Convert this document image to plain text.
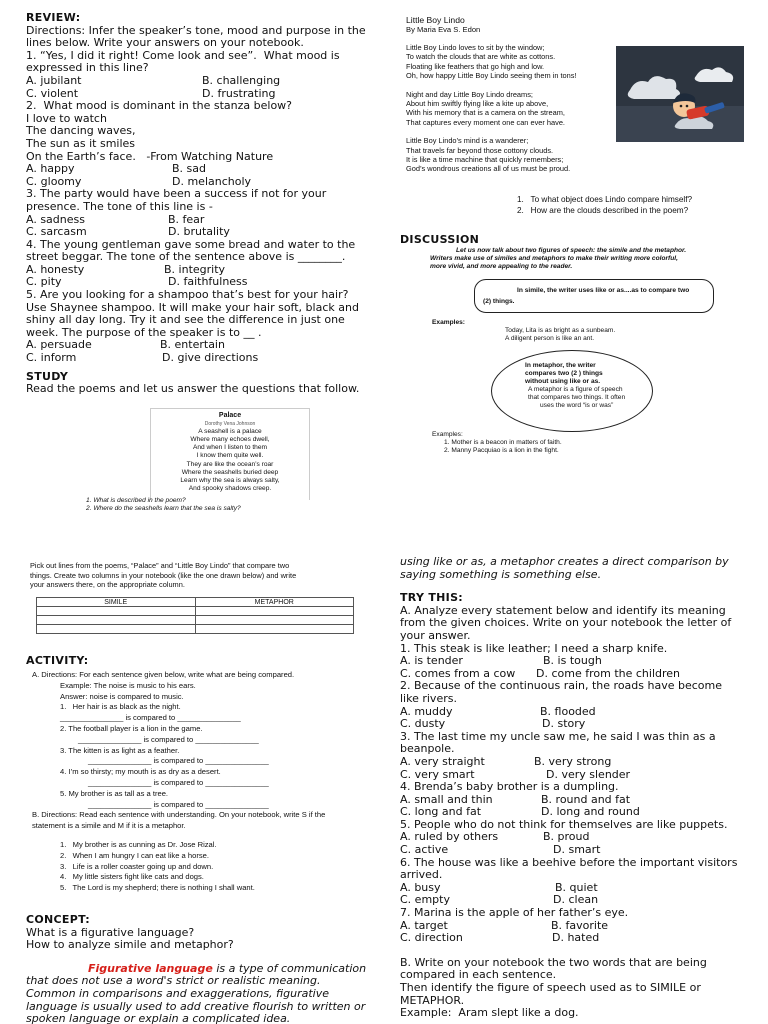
REVIEW:

Directions: Infer the speaker’s tone, mood and purpose in the

lines below. Write your answers on your notebook.

1. “Yes, I did it right! Come look and see”.  What mood is

expressed in this line?

A. jubilant	B. challenging
C. violent	D. frustrating

2.  What mood is dominant in the stanza below?

I love to watch

The dancing waves,

The sun as it smiles

On the Earth’s face.   -From Watching Nature

A. happy	B. sad
C. gloomy	D. melancholy

3. The party would have been a success if not for your

presence. The tone of this line is -

A. sadness	B. fear
C. sarcasm	D. brutality

4. The young gentleman gave some bread and water to the

street beggar. The tone of the sentence above is ________.

A. honesty	B. integrity
C. pity	D. faithfulness

5. Are you looking for a shampoo that’s best for your hair?

Use Shaynee shampoo. It will make your hair soft, black and

shiny all day long. Try it and see the difference in just one

week. The purpose of the speaker is to __ .

A. persuade	B. entertain
C. inform	D. give directions

STUDY

Read the poems and let us answer the questions that follow.

Palace

Dorothy Vena Johnson

A seashell is a palace

Where many echoes dwell,

And when I listen to them

I know them quite well.

They are like the ocean’s roar

Where the seashells buried deep

Learn why the sea is always salty,

And spooky shadows creep.

1. What is described in the poem?

2. Where do the seashells learn that the sea is salty?

Little Boy Lindo

By Maria Eva S. Edon

Little Boy Lindo loves to sit by the window;

To watch the clouds that are white as cottons.

Floating like feathers that go high and low.

Oh, how happy Little Boy Lindo seeing them in tons!

Night and day Little Boy Lindo dreams;

About him swiftly flying like a kite up above,

With his memory that is a camera on the stream,

That captures every moment one can ever have.

Little Boy Lindo’s mind is a wanderer;

That travels far beyond those cottony clouds.

It is like a time machine that quickly remembers;

God’s wondrous creations all of us must be proud.

1.   To what object does Lindo compare himself?

2.   How are the clouds described in the poem?

DISCUSSION

Let us now talk about two figures of speech: the simile and the metaphor.

Writers make use of similes and metaphors to make their writing more colorful,

more vivid, and more appealing to the reader.

In simile, the writer uses like or as....as to compare two

(2) things.

Examples:

Today, Lita is as bright as a sunbeam.

A diligent person is like an ant.

In metaphor, the writer

compares two (2 ) things

without using like or as.

A metaphor is a figure of speech

that compares two things. It often

uses the word “is or was”

Examples:

1. Mother is a beacon in matters of faith.

2. Manny Pacquiao is a lion in the fight.

Pick out lines from the poems, “Palace” and “Little Boy Lindo” that compare two

things. Create two columns in your notebook (like the one drawn below) and write

your answers there, on the appropriate column.

SIMILE	METAPHOR

ACTIVITY:

A. Directions: For each sentence given below, write what are being compared.

Example: The noise is music to his ears.

Answer: noise is compared to music.

1.   Her hair is as black as the night.

_______________ is compared to _______________

2. The football player is a lion in the game.

_______________ is compared to _______________

3. The kitten is as light as a feather.

_______________ is compared to _______________

4. I’m so thirsty; my mouth is as dry as a desert.

_______________ is compared to _______________

5. My brother is as tall as a tree.

_______________ is compared to _______________

B. Directions: Read each sentence with understanding. On your notebook, write S if the

statement is a simile and M if it is a metaphor.

1.   My brother is as cunning as Dr. Jose Rizal.

2.   When I am hungry I can eat like a horse.

3.   Life is a roller coaster going up and down.

4.   My little sisters fight like cats and dogs.

5.   The Lord is my shepherd; there is nothing I shall want.

CONCEPT:

What is a figurative language?

How to analyze simile and metaphor?

Figurative language is a type of communication

that does not use a word's strict or realistic meaning.

Common in comparisons and exaggerations, figurative

language is usually used to add creative flourish to written or

spoken language or explain a complicated idea.

using like or as, a metaphor creates a direct comparison by

saying something is something else.

TRY THIS:

A. Analyze every statement below and identify its meaning

from the given choices. Write on your notebook the letter of

your answer.

1. This steak is like leather; I need a sharp knife.

A. is tender	B. is tough
C. comes from a cow D. come from the children

2. Because of the continuous rain, the roads have become

like rivers.

A. muddy	B. flooded
C. dusty	D. story

3. The last time my uncle saw me, he said I was thin as a

beanpole.

A. very straight	B. very strong
C. very smart	D. very slender

4. Brenda’s baby brother is a dumpling.

A. small and thin	B. round and fat
C. long and fat	D. long and round

5. People who do not think for themselves are like puppets.

A. ruled by others	B. proud
C. active	D. smart

6. The house was like a beehive before the important visitors

arrived.

A. busy	B. quiet
C. empty	D. clean

7. Marina is the apple of her father’s eye.

A. target	B. favorite
C. direction	D. hated

B. Write on your notebook the two words that are being

compared in each sentence.

Then identify the figure of speech used as to SIMILE or

METAPHOR.

Example:  Aram slept like a dog.
